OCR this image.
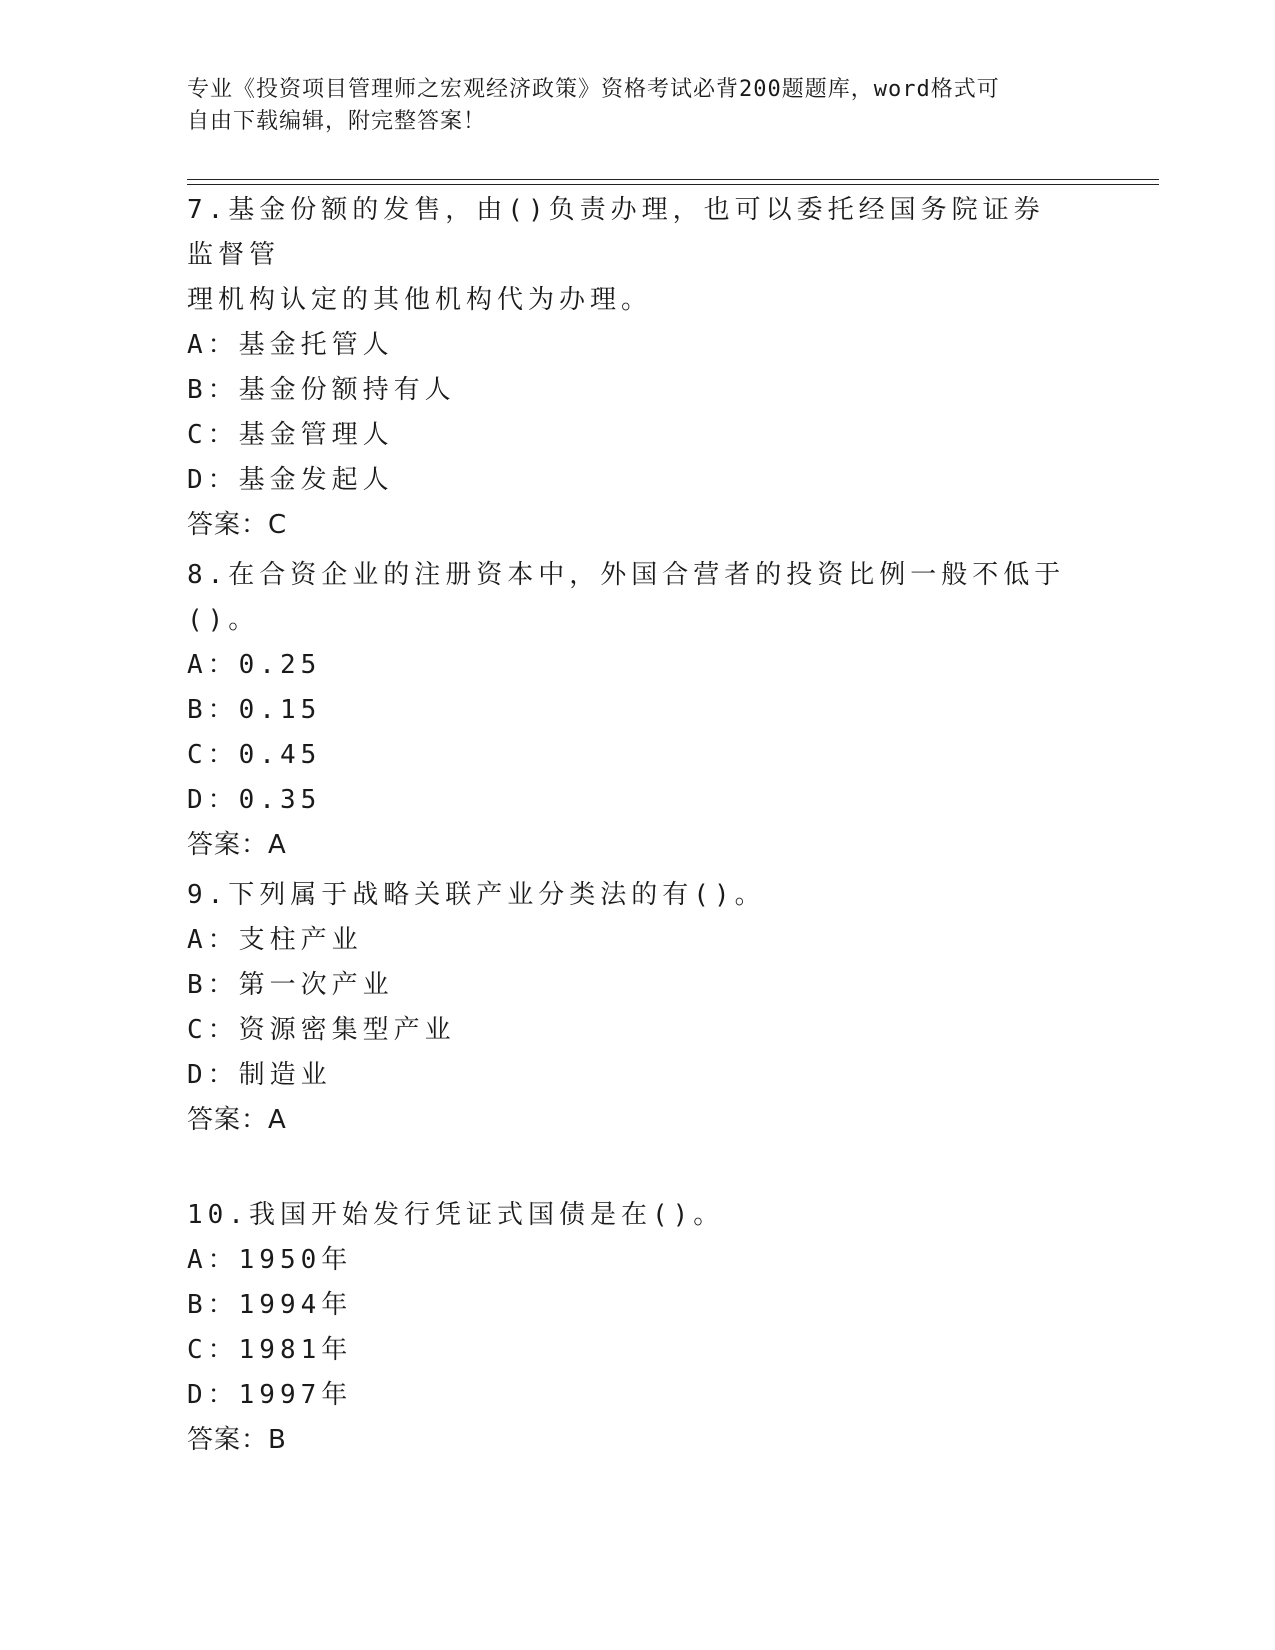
专业《投资项目管理师之宏观经济政策》资格考试必背200题题库，word格式可
自由下载编辑，附完整答案！
7.基金份额的发售，由()负责办理，也可以委托经国务院证券监督管
理机构认定的其他机构代为办理。
A：基金托管人
B：基金份额持有人
C：基金管理人
D：基金发起人
答案：C
8.在合资企业的注册资本中，外国合营者的投资比例一般不低于()。
A：0.25
B：0.15
C：0.45
D：0.35
答案：A
9.下列属于战略关联产业分类法的有()。
A：支柱产业
B：第一次产业
C：资源密集型产业
D：制造业
答案：A
10.我国开始发行凭证式国债是在()。
A：1950年
B：1994年
C：1981年
D：1997年
答案：B
